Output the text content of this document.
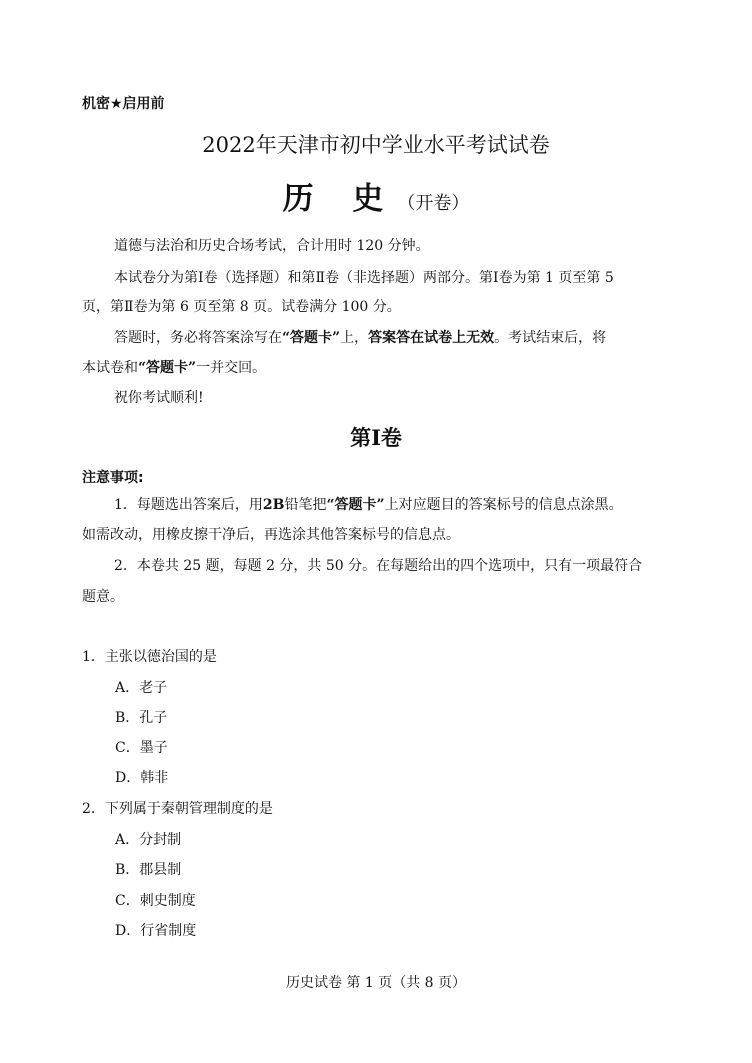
机密★启用前
2022年天津市初中学业水平考试试卷
历 史（开卷）
道德与法治和历史合场考试，合计用时 120 分钟。
本试卷分为第Ⅰ卷（选择题）和第Ⅱ卷（非选择题）两部分。第Ⅰ卷为第 1 页至第 5
页，第Ⅱ卷为第 6 页至第 8 页。试卷满分 100 分。
答题时，务必将答案涂写在“答题卡”上，答案答在试卷上无效。考试结束后，将
本试卷和“答题卡”一并交回。
祝你考试顺利!
第Ⅰ卷
注意事项:
1．每题选出答案后，用2B铅笔把“答题卡”上对应题目的答案标号的信息点涂黑。
如需改动，用橡皮擦干净后，再选涂其他答案标号的信息点。
2．本卷共 25 题，每题 2 分，共 50 分。在每题给出的四个选项中，只有一项最符合
题意。
1．主张以德治国的是
A．老子
B．孔子
C．墨子
D．韩非
2．下列属于秦朝管理制度的是
A．分封制
B．郡县制
C．刺史制度
D．行省制度
历史试卷 第 1 页（共 8 页）
